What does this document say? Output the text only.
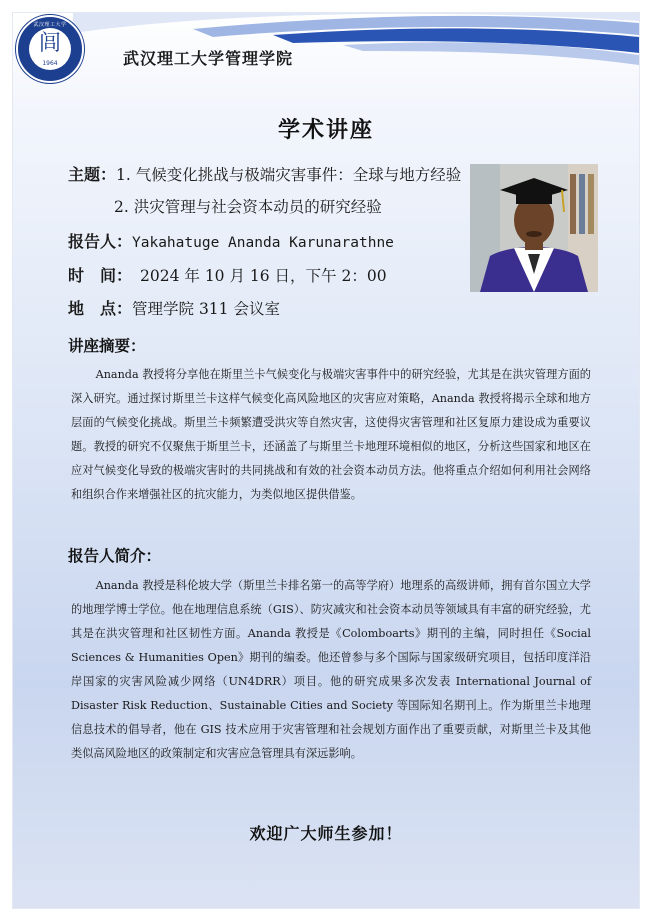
武汉理工大学
闾
1964	武汉理工大学管理学院
学术讲座
主题：1. 气候变化挑战与极端灾害事件：全球与地方经验
2. 洪灾管理与社会资本动员的研究经验
报告人：Yakahatuge Ananda Karunarathne
时　间： 2024 年 10 月 16 日，下午 2：00
地　点：管理学院 311 会议室
讲座摘要：

Ananda 教授将分享他在斯里兰卡气候变化与极端灾害事件中的研究经验，尤其是在洪灾管理方面的深入研究。通过探讨斯里兰卡这样气候变化高风险地区的灾害应对策略，Ananda 教授将揭示全球和地方层面的气候变化挑战。斯里兰卡频繁遭受洪灾等自然灾害，这使得灾害管理和社区复原力建设成为重要议题。教授的研究不仅聚焦于斯里兰卡，还涵盖了与斯里兰卡地理环境相似的地区，分析这些国家和地区在应对气候变化导致的极端灾害时的共同挑战和有效的社会资本动员方法。他将重点介绍如何利用社会网络和组织合作来增强社区的抗灾能力，为类似地区提供借鉴。

报告人简介：

Ananda 教授是科伦坡大学（斯里兰卡排名第一的高等学府）地理系的高级讲师，拥有首尔国立大学的地理学博士学位。他在地理信息系统（GIS）、防灾减灾和社会资本动员等领域具有丰富的研究经验，尤其是在洪灾管理和社区韧性方面。Ananda 教授是《Colomboarts》期刊的主编，同时担任《Social Sciences & Humanities Open》期刊的编委。他还曾参与多个国际与国家级研究项目，包括印度洋沿岸国家的灾害风险减少网络（UN4DRR）项目。他的研究成果多次发表 International Journal of Disaster Risk Reduction、Sustainable Cities and Society 等国际知名期刊上。作为斯里兰卡地理信息技术的倡导者，他在 GIS 技术应用于灾害管理和社会规划方面作出了重要贡献，对斯里兰卡及其他类似高风险地区的政策制定和灾害应急管理具有深远影响。

欢迎广大师生参加！
